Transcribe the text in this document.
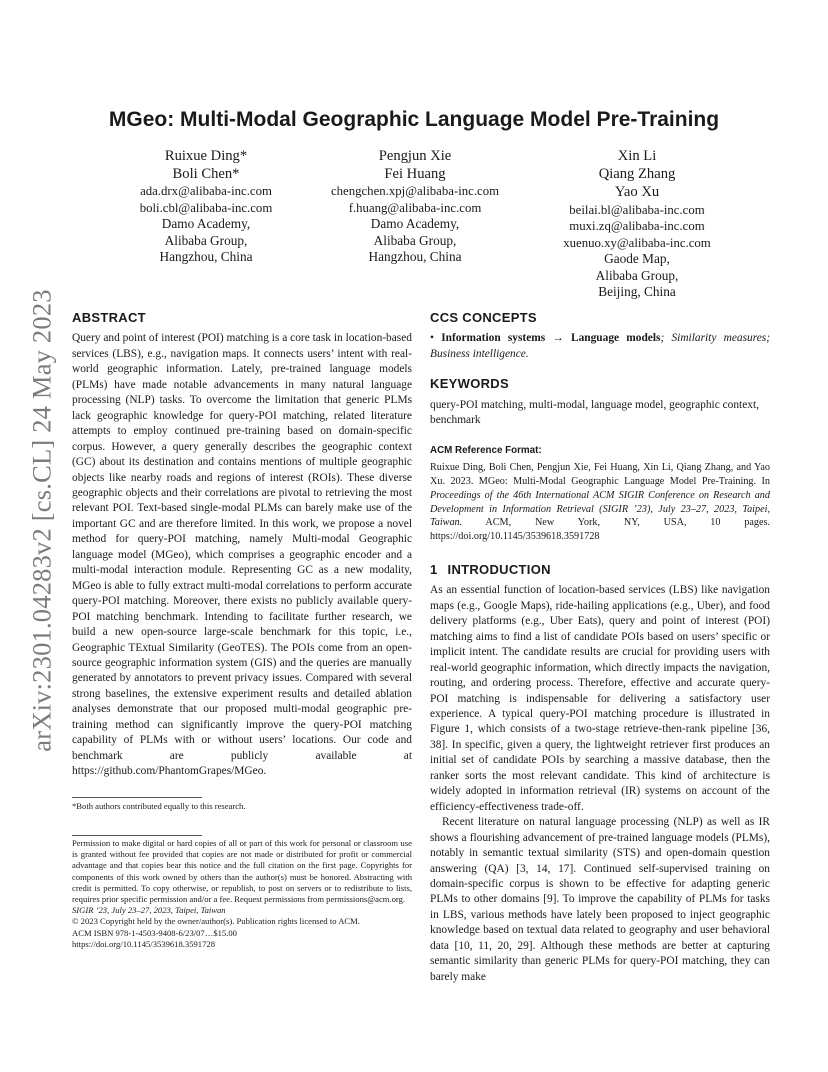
arXiv:2301.04283v2 [cs.CL] 24 May 2023
MGeo: Multi-Modal Geographic Language Model Pre-Training
Ruixue Ding*
Boli Chen*
ada.drx@alibaba-inc.com
boli.cbl@alibaba-inc.com
Damo Academy,
Alibaba Group,
Hangzhou, China
Pengjun Xie
Fei Huang
chengchen.xpj@alibaba-inc.com
f.huang@alibaba-inc.com
Damo Academy,
Alibaba Group,
Hangzhou, China
Xin Li
Qiang Zhang
Yao Xu
beilai.bl@alibaba-inc.com
muxi.zq@alibaba-inc.com
xuenuo.xy@alibaba-inc.com
Gaode Map,
Alibaba Group,
Beijing, China
ABSTRACT

Query and point of interest (POI) matching is a core task in location-based services (LBS), e.g., navigation maps. It connects users’ intent with real-world geographic information. Lately, pre-trained language models (PLMs) have made notable advancements in many natural language processing (NLP) tasks. To overcome the limitation that generic PLMs lack geographic knowledge for query-POI matching, related literature attempts to employ continued pre-training based on domain-specific corpus. However, a query generally describes the geographic context (GC) about its destination and contains mentions of multiple geographic objects like nearby roads and regions of interest (ROIs). These diverse geographic objects and their correlations are pivotal to retrieving the most relevant POI. Text-based single-modal PLMs can barely make use of the important GC and are therefore limited. In this work, we propose a novel method for query-POI matching, namely Multi-modal Geographic language model (MGeo), which comprises a geographic encoder and a multi-modal interaction module. Representing GC as a new modality, MGeo is able to fully extract multi-modal correlations to perform accurate query-POI matching. Moreover, there exists no publicly available query-POI matching benchmark. Intending to facilitate further research, we build a new open-source large-scale benchmark for this topic, i.e., Geographic TExtual Similarity (GeoTES). The POIs come from an open-source geographic information system (GIS) and the queries are manually generated by annotators to prevent privacy issues. Compared with several strong baselines, the extensive experiment results and detailed ablation analyses demonstrate that our proposed multi-modal geographic pre-training method can significantly improve the query-POI matching capability of PLMs with or without users’ locations. Our code and benchmark are publicly available at https://github.com/PhantomGrapes/MGeo.

*Both authors contributed equally to this research.
Permission to make digital or hard copies of all or part of this work for personal or classroom use is granted without fee provided that copies are not made or distributed for profit or commercial advantage and that copies bear this notice and the full citation on the first page. Copyrights for components of this work owned by others than the author(s) must be honored. Abstracting with credit is permitted. To copy otherwise, or republish, to post on servers or to redistribute to lists, requires prior specific permission and/or a fee. Request permissions from permissions@acm.org.
SIGIR ’23, July 23–27, 2023, Taipei, Taiwan
© 2023 Copyright held by the owner/author(s). Publication rights licensed to ACM.
ACM ISBN 978-1-4503-9408-6/23/07…$15.00
https://doi.org/10.1145/3539618.3591728
CCS CONCEPTS

• Information systems → Language models; Similarity measures; Business intelligence.

KEYWORDS

query-POI matching, multi-modal, language model, geographic context, benchmark

ACM Reference Format:

Ruixue Ding, Boli Chen, Pengjun Xie, Fei Huang, Xin Li, Qiang Zhang, and Yao Xu. 2023. MGeo: Multi-Modal Geographic Language Model Pre-Training. In Proceedings of the 46th International ACM SIGIR Conference on Research and Development in Information Retrieval (SIGIR ’23), July 23–27, 2023, Taipei, Taiwan. ACM, New York, NY, USA, 10 pages. https://doi.org/10.1145/3539618.3591728

1 INTRODUCTION

As an essential function of location-based services (LBS) like navigation maps (e.g., Google Maps), ride-hailing applications (e.g., Uber), and food delivery platforms (e.g., Uber Eats), query and point of interest (POI) matching aims to find a list of candidate POIs based on users’ specific or implicit intent. The candidate results are crucial for providing users with real-world geographic information, which directly impacts the navigation, routing, and ordering process. Therefore, effective and accurate query-POI matching is indispensable for delivering a satisfactory user experience. A typical query-POI matching procedure is illustrated in Figure 1, which consists of a two-stage retrieve-then-rank pipeline [36, 38]. In specific, given a query, the lightweight retriever first produces an initial set of candidate POIs by searching a massive database, then the ranker sorts the most relevant candidate. This kind of architecture is widely adopted in information retrieval (IR) systems on account of the efficiency-effectiveness trade-off.

Recent literature on natural language processing (NLP) as well as IR shows a flourishing advancement of pre-trained language models (PLMs), notably in semantic textual similarity (STS) and open-domain question answering (QA) [3, 14, 17]. Continued self-supervised training on domain-specific corpus is shown to be effective for adapting generic PLMs to other domains [9]. To improve the capability of PLMs for tasks in LBS, various methods have lately been proposed to inject geographic knowledge based on textual data related to geography and user behavioral data [10, 11, 20, 29]. Although these methods are better at capturing semantic similarity than generic PLMs for query-POI matching, they can barely make
